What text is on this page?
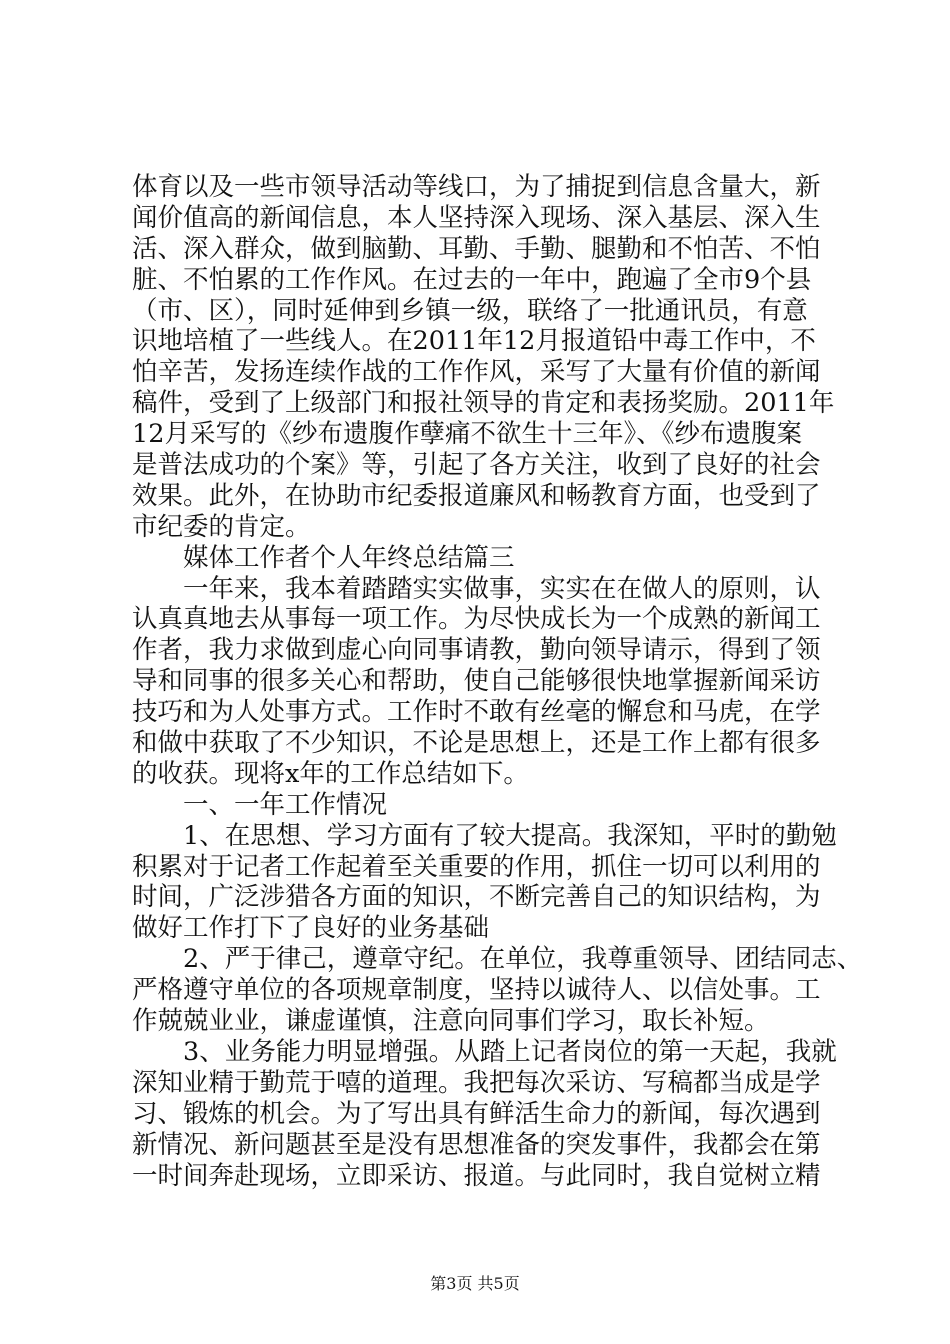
体育以及一些市领导活动等线口，为了捕捉到信息含量大，新
闻价值高的新闻信息，本人坚持深入现场、深入基层、深入生
活、深入群众，做到脑勤、耳勤、手勤、腿勤和不怕苦、不怕
脏、不怕累的工作作风。在过去的一年中，跑遍了全市9个县
（市、区），同时延伸到乡镇一级，联络了一批通讯员，有意
识地培植了一些线人。在2011年12月报道铅中毒工作中，不
怕辛苦，发扬连续作战的工作作风，采写了大量有价值的新闻
稿件，受到了上级部门和报社领导的肯定和表扬奖励。2011年
12月采写的《纱布遗腹作孽痛不欲生十三年》、《纱布遗腹案
是普法成功的个案》等，引起了各方关注，收到了良好的社会
效果。此外，在协助市纪委报道廉风和畅教育方面，也受到了
市纪委的肯定。
　　媒体工作者个人年终总结篇三
　　一年来，我本着踏踏实实做事，实实在在做人的原则，认
认真真地去从事每一项工作。为尽快成长为一个成熟的新闻工
作者，我力求做到虚心向同事请教，勤向领导请示，得到了领
导和同事的很多关心和帮助，使自己能够很快地掌握新闻采访
技巧和为人处事方式。工作时不敢有丝毫的懈怠和马虎，在学
和做中获取了不少知识，不论是思想上，还是工作上都有很多
的收获。现将x年的工作总结如下。
　　一、一年工作情况
　　1、在思想、学习方面有了较大提高。我深知，平时的勤勉
积累对于记者工作起着至关重要的作用，抓住一切可以利用的
时间，广泛涉猎各方面的知识，不断完善自己的知识结构，为
做好工作打下了良好的业务基础
　　2、严于律己，遵章守纪。在单位，我尊重领导、团结同志、
严格遵守单位的各项规章制度，坚持以诚待人、以信处事。工
作兢兢业业，谦虚谨慎，注意向同事们学习，取长补短。
　　3、业务能力明显增强。从踏上记者岗位的第一天起，我就
深知业精于勤荒于嘻的道理。我把每次采访、写稿都当成是学
习、锻炼的机会。为了写出具有鲜活生命力的新闻，每次遇到
新情况、新问题甚至是没有思想准备的突发事件，我都会在第
一时间奔赴现场，立即采访、报道。与此同时，我自觉树立精
第3页 共5页
